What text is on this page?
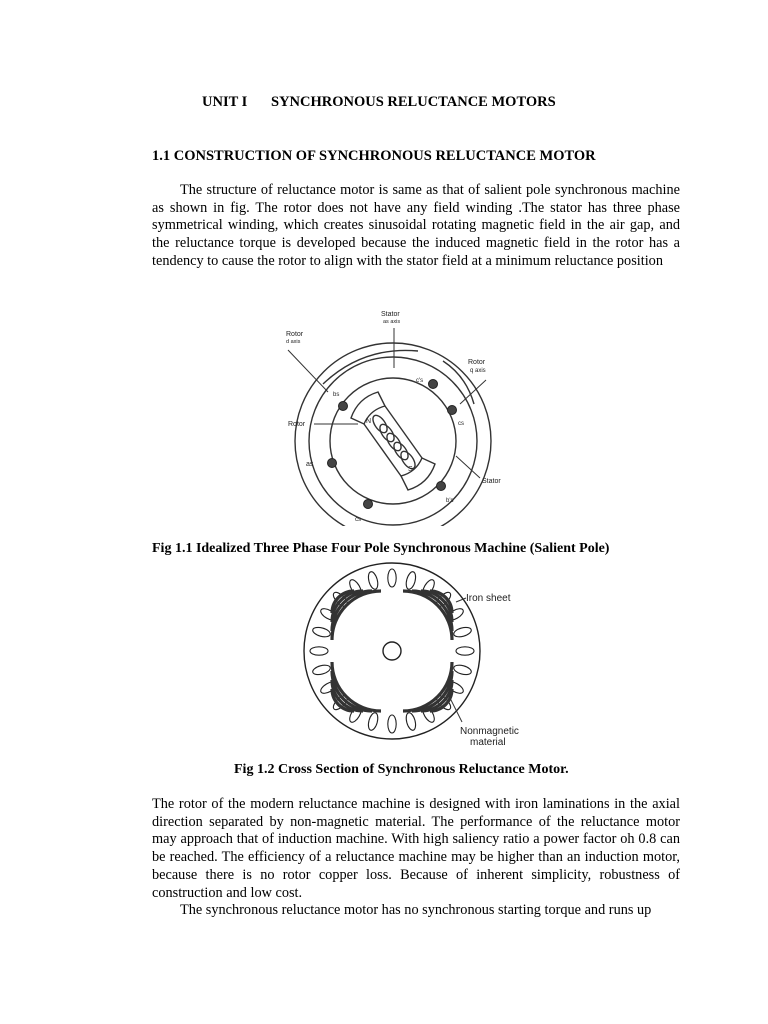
UNIT I SYNCHRONOUS RELUCTANCE MOTORS
1.1 CONSTRUCTION OF SYNCHRONOUS RELUCTANCE MOTOR
The structure of reluctance motor is same as that of salient pole synchronous machine as shown in fig. The rotor does not have any field winding .The stator has three phase symmetrical winding, which creates sinusoidal rotating magnetic field in the air gap, and the reluctance torque is developed because the induced magnetic field in the rotor has a tendency to cause the rotor to align with the stator field at a minimum reluctance position
Stator
as axis
Rotor
d axis
Rotor
q axis
Rotor
Stator
N
S
bs
c's
cs
as
cs
b's
Fig 1.1 Idealized Three Phase Four Pole Synchronous Machine (Salient Pole)
Iron sheet
Nonmagnetic
material
Fig 1.2 Cross Section of Synchronous Reluctance Motor.
The rotor of the modern reluctance machine is designed with iron laminations in the axial direction separated by non-magnetic material. The performance of the reluctance motor may approach that of induction machine. With high saliency ratio a power factor oh 0.8 can be reached. The efficiency of a reluctance machine may be higher than an induction motor, because there is no rotor copper loss. Because of inherent simplicity, robustness of construction and low cost.
The synchronous reluctance motor has no synchronous starting torque and runs up
